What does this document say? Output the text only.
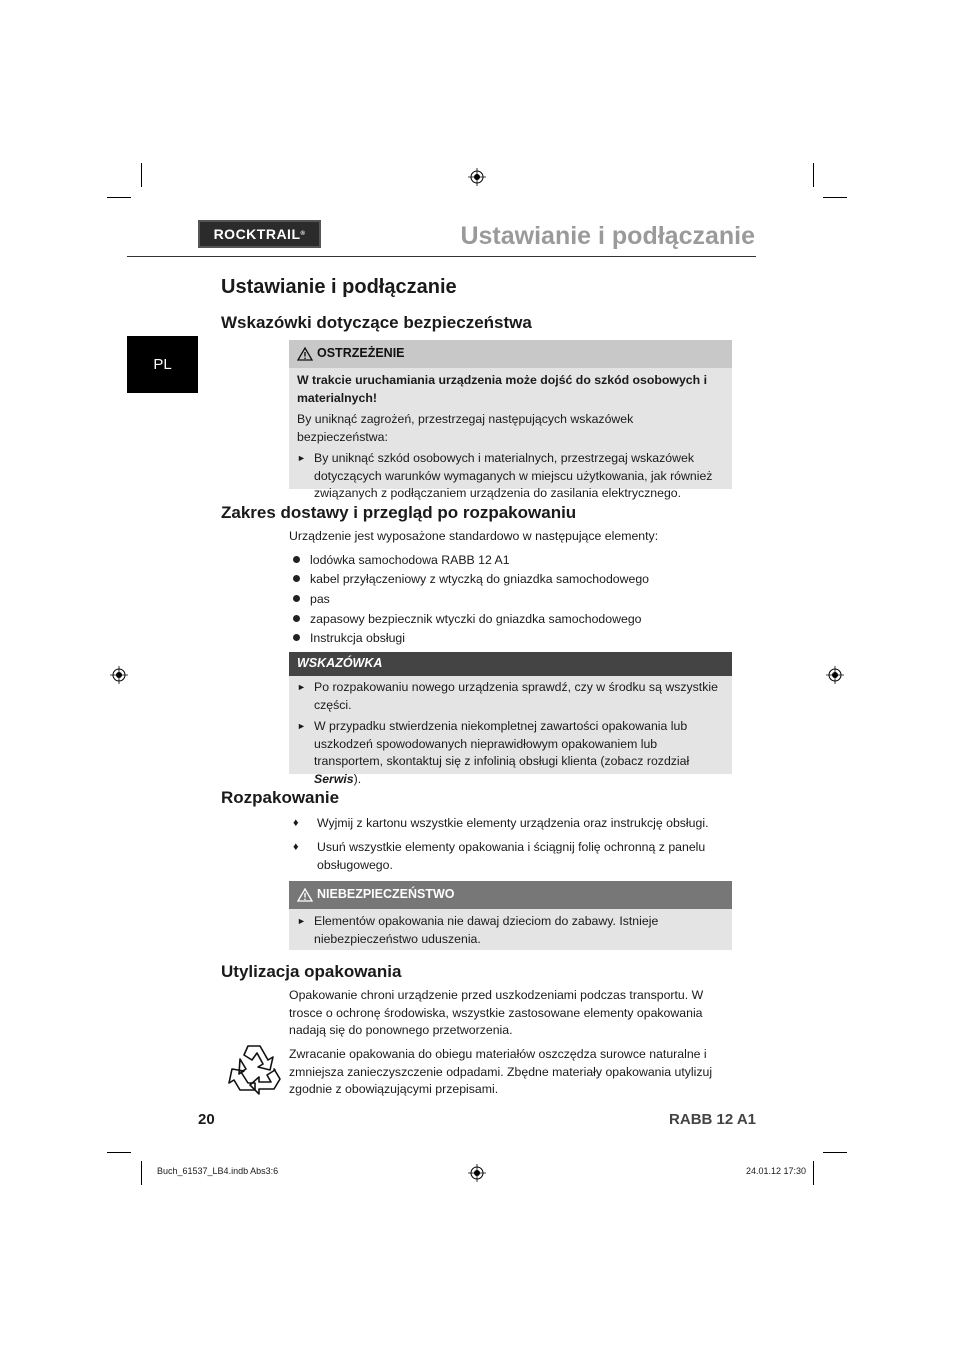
ROCKTRAIL ®	Ustawianie i podłączanie
PL
Ustawianie i podłączanie
Wskazówki dotyczące bezpieczeństwa
OSTRZEŻENIE

W trakcie uruchamiania urządzenia może dojść do szkód osobowych i materialnych!

By uniknąć zagrożeń, przestrzegaj następujących wskazówek bezpieczeństwa:

► By uniknąć szkód osobowych i materialnych, przestrzegaj wskazówek dotyczących warunków wymaganych w miejscu użytkowania, jak również związanych z podłączaniem urządzenia do zasilania elektrycznego.

Zakres dostawy i przegląd po rozpakowaniu
Urządzenie jest wyposażone standardowo w następujące elementy:
lodówka samochodowa RABB 12 A1
kabel przyłączeniowy z wtyczką do gniazdka samochodowego
pas
zapasowy bezpiecznik wtyczki do gniazdka samochodowego
Instrukcja obsługi
WSKAZÓWKA

► Po rozpakowaniu nowego urządzenia sprawdź, czy w środku są wszystkie części.

► W przypadku stwierdzenia niekompletnej zawartości opakowania lub uszkodzeń spowodowanych nieprawidłowym opakowaniem lub transportem, skontaktuj się z infolinią obsługi klienta (zobacz rozdział Serwis).

Rozpakowanie
♦	Wyjmij z kartonu wszystkie elementy urządzenia oraz instrukcję obsługi.
♦	Usuń wszystkie elementy opakowania i ściągnij folię ochronną z panelu obsługowego.
NIEBEZPIECZEŃSTWO

► Elementów opakowania nie dawaj dzieciom do zabawy. Istnieje niebezpieczeństwo uduszenia.

Utylizacja opakowania
Opakowanie chroni urządzenie przed uszkodzeniami podczas transportu. W trosce o ochronę środowiska, wszystkie zastosowane elementy opakowania nadają się do ponownego przetworzenia.
Zwracanie opakowania do obiegu materiałów oszczędza surowce naturalne i zmniejsza zanieczyszczenie odpadami. Zbędne materiały opakowania utylizuj zgodnie z obowiązującymi przepisami.
20	RABB 12 A1
Buch_61537_LB4.indb Abs3:6	24.01.12 17:30
